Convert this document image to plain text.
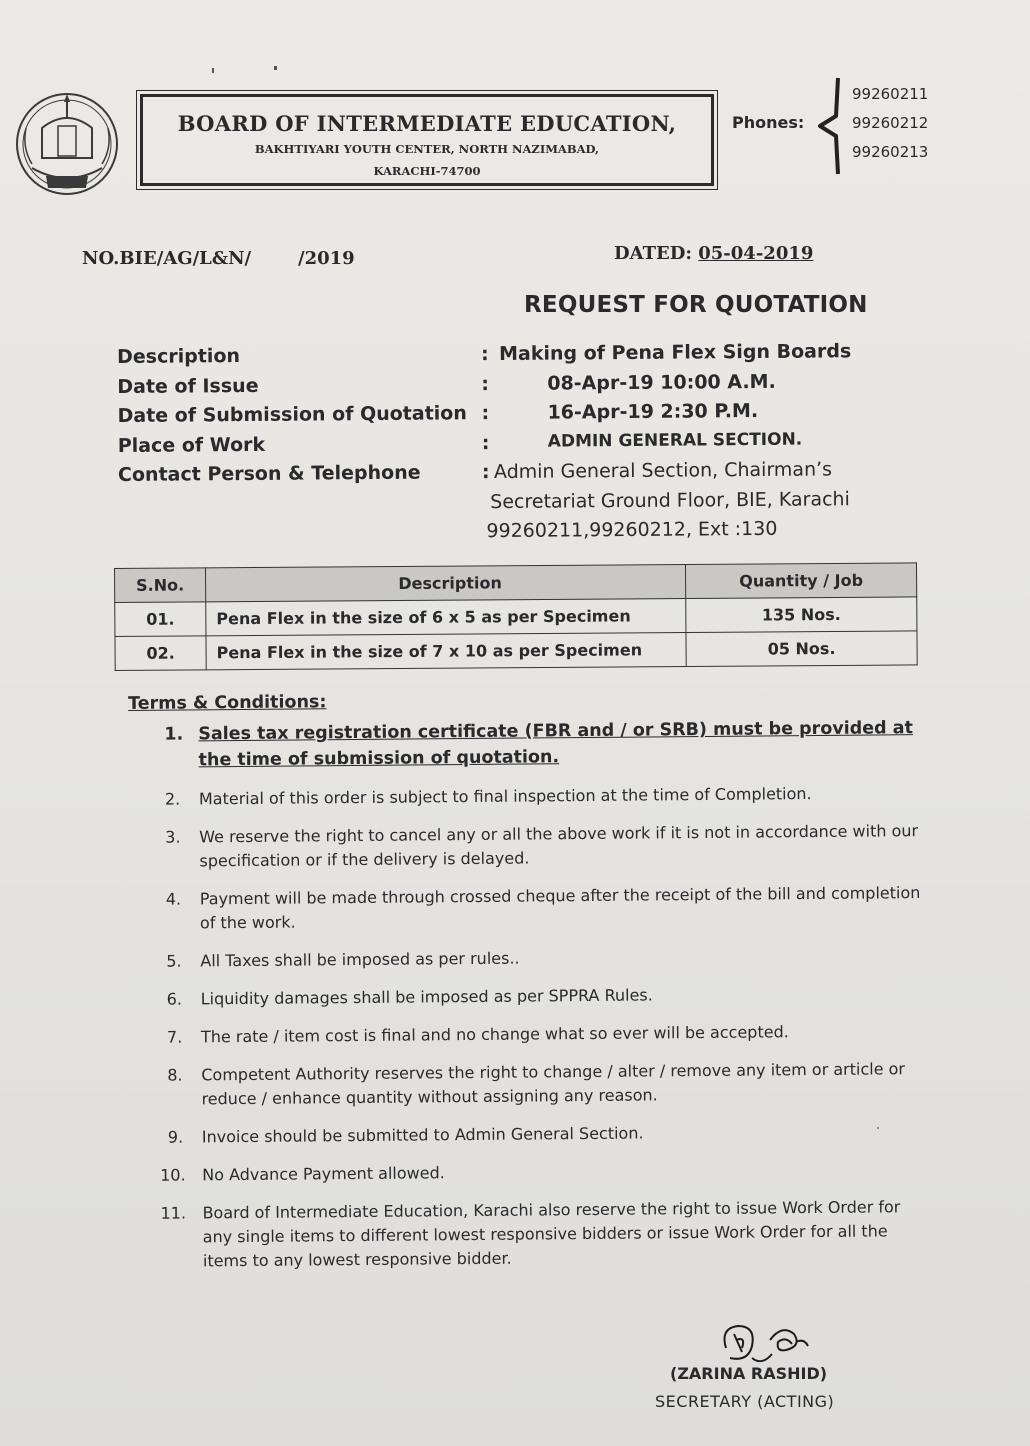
BOARD OF INTERMEDIATE EDUCATION,
BAKHTIYARI YOUTH CENTER, NORTH NAZIMABAD,
KARACHI-74700
Phones:
99260211
99260212
99260213
NO.BIE/AG/L&N/	/2019	DATED: 05-04-2019
REQUEST FOR QUOTATION
Description	: Making of Pena Flex Sign Boards
Date of Issue	:	08-Apr-19 10:00 A.M.
Date of Submission of Quotation :	16-Apr-19 2:30 P.M.
Place of Work	:	ADMIN GENERAL SECTION.
Contact Person & Telephone	: Admin General Section, Chairman’s
Secretariat Ground Floor, BIE, Karachi
99260211,99260212, Ext :130
S.No.	Description	Quantity / Job
01.	Pena Flex in the size of 6 x 5 as per Specimen	135 Nos.
02.	Pena Flex in the size of 7 x 10 as per Specimen	05 Nos.
Terms & Conditions:
1. Sales tax registration certificate (FBR and / or SRB) must be provided at the time of submission of quotation.
2. Material of this order is subject to final inspection at the time of Completion.
3. We reserve the right to cancel any or all the above work if it is not in accordance with our specification or if the delivery is delayed.
4. Payment will be made through crossed cheque after the receipt of the bill and completion of the work.
5. All Taxes shall be imposed as per rules..
6. Liquidity damages shall be imposed as per SPPRA Rules.
7. The rate / item cost is final and no change what so ever will be accepted.
8. Competent Authority reserves the right to change / alter / remove any item or article or reduce / enhance quantity without assigning any reason.
9. Invoice should be submitted to Admin General Section.
10. No Advance Payment allowed.
11. Board of Intermediate Education, Karachi also reserve the right to issue Work Order for any single items to different lowest responsive bidders or issue Work Order for all the items to any lowest responsive bidder.
(ZARINA RASHID)
SECRETARY (ACTING)
